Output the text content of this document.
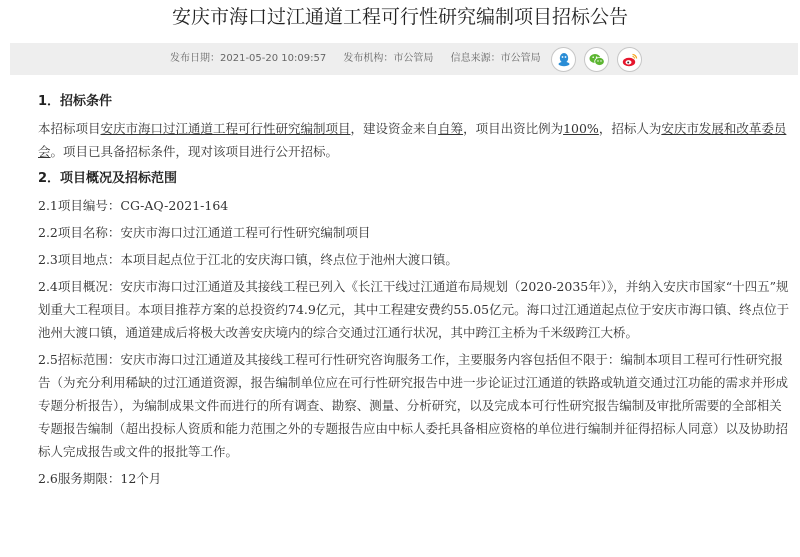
安庆市海口过江通道工程可行性研究编制项目招标公告
发布日期：2021-05-20 10:09:57 发布机构：市公管局 信息来源：市公管局

1．招标条件

本招标项目安庆市海口过江通道工程可行性研究编制项目，建设资金来自自筹，项目出资比例为100%，招标人为安庆市发展和改革委员会。项目已具备招标条件，现对该项目进行公开招标。

2．项目概况及招标范围

2.1项目编号：CG-AQ-2021-164

2.2项目名称：安庆市海口过江通道工程可行性研究编制项目

2.3项目地点：本项目起点位于江北的安庆海口镇，终点位于池州大渡口镇。

2.4项目概况：安庆市海口过江通道及其接线工程已列入《长江干线过江通道布局规划（2020-2035年）》，并纳入安庆市国家“十四五”规划重大工程项目。本项目推荐方案的总投资约74.9亿元，其中工程建安费约55.05亿元。海口过江通道起点位于安庆市海口镇、终点位于池州大渡口镇，通道建成后将极大改善安庆境内的综合交通过江通行状况，其中跨江主桥为千米级跨江大桥。

2.5招标范围：安庆市海口过江通道及其接线工程可行性研究咨询服务工作，主要服务内容包括但不限于：编制本项目工程可行性研究报告（为充分利用稀缺的过江通道资源，报告编制单位应在可行性研究报告中进一步论证过江通道的铁路或轨道交通过江功能的需求并形成专题分析报告），为编制成果文件而进行的所有调查、勘察、测量、分析研究，以及完成本可行性研究报告编制及审批所需要的全部相关专题报告编制（超出投标人资质和能力范围之外的专题报告应由中标人委托具备相应资格的单位进行编制并征得招标人同意）以及协助招标人完成报告或文件的报批等工作。

2.6服务期限：12个月
